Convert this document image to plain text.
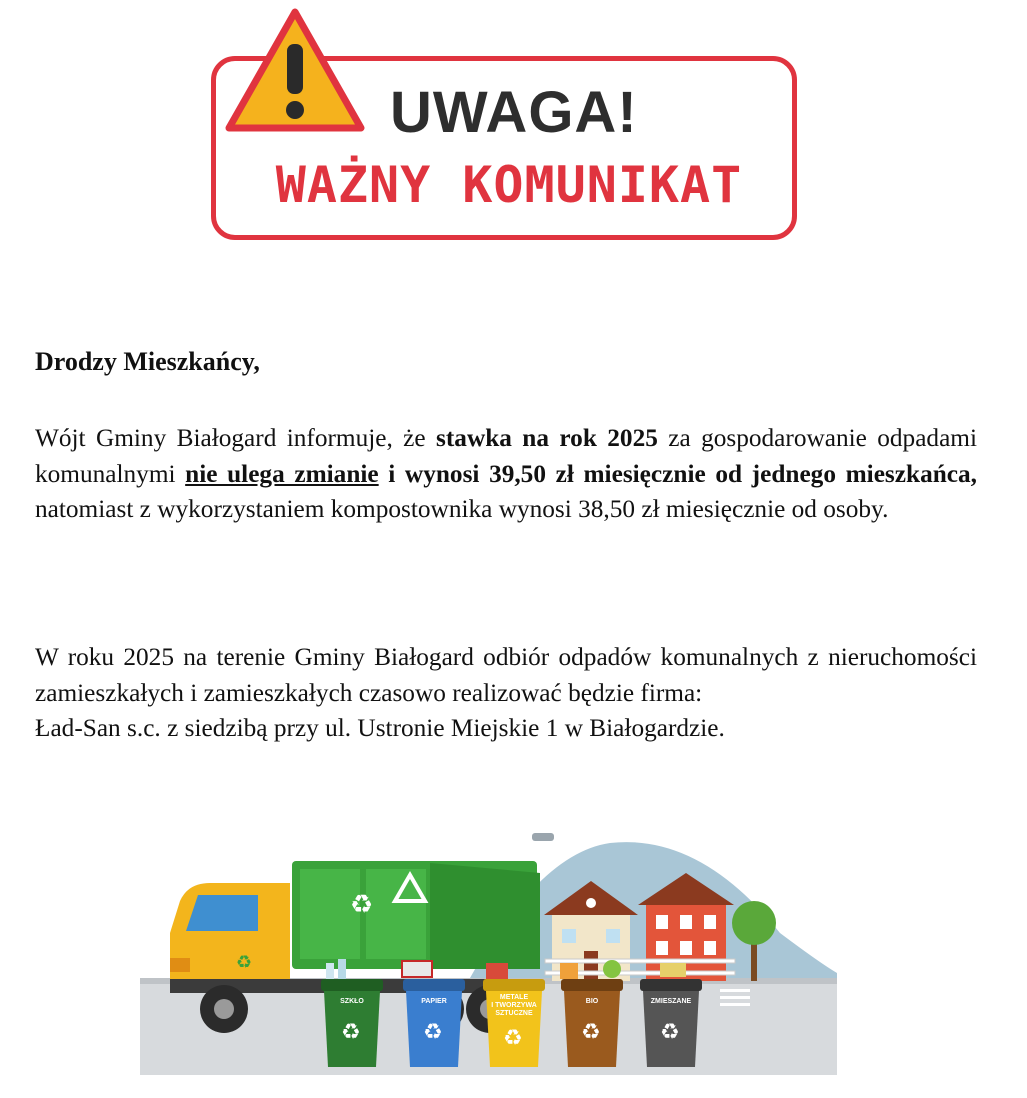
UWAGA!
WAŻNY KOMUNIKAT
Drodzy Mieszkańcy,

Wójt Gminy Białogard informuje, że stawka na rok 2025 za gospodarowanie odpadami komunalnymi nie ulega zmianie i wynosi 39,50 zł miesięcznie od jednego mieszkańca, natomiast z wykorzystaniem kompostownika wynosi 38,50 zł miesięcznie od osoby.

W roku 2025 na terenie Gminy Białogard odbiór odpadów komunalnych z nieruchomości zamieszkałych i zamieszkałych czasowo realizować będzie firma:

Ład-San s.c. z siedzibą przy ul. Ustronie Miejskie 1 w Białogardzie.

♻
♻
SZKŁO
♻
PAPIER
♻
METALE
I TWORZYWA
SZTUCZNE
♻
BIO
♻
ZMIESZANE
♻
